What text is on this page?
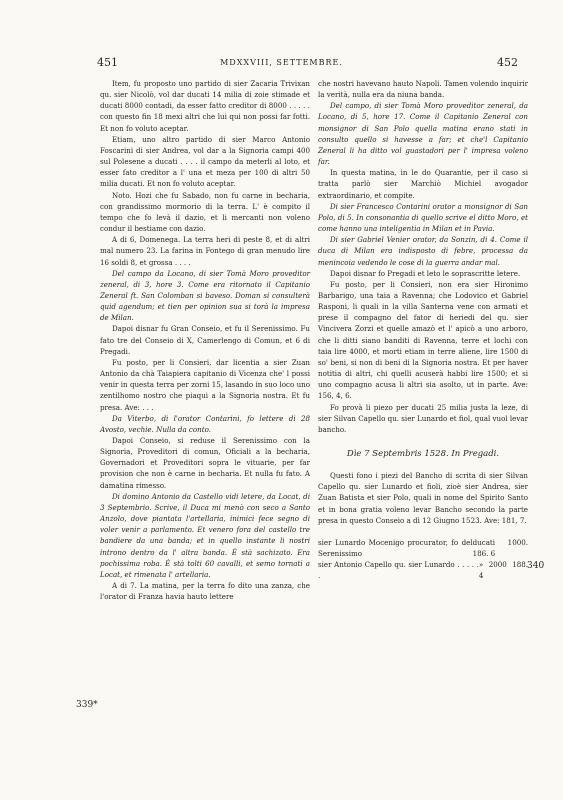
451	MDXXVIII, SETTEMBRE.	452
339*
340

Item, fu proposto uno partido di sier Zacaria Trivixan qu. sier Nicolò, vol dar ducati 14 milia di zoie stimade et ducati 8000 contadi, da esser fatto creditor di 8000 . . . . . con questo fin 18 mexi altri che lui qui non possi far fotti. Et non fo voluto aceptar.

Etiam, uno altro partido di sier Marco Antonio Foscarini di sier Andrea, vol dar a la Signoria campi 400 sul Polesene a ducati . . . . il campo da meterli al loto, et esser fato creditor a l' una et meza per 100 di altri 50 milia ducati. Et non fo voluto aceptar.

Noto. Hozi che fu Sabado, non fu carne in becharia, con grandissimo mormorio di la terra. L' è compito il tempo che fo levà il dazio, et li mercanti non voleno condur il bestiame con dazio.

A di 6, Domenega. La terra heri di peste 8, et di altri mal numero 23. La farina in Fontego di gran menudo lire 16 soldi 8, et grossa . . . .

Del campo da Locano, di sier Tomà Moro proveditor zeneral, di 3, hore 3. Come era ritornato il Capitanio Zeneral ft. San Colomban si baveso. Doman si consulterà quid agendum; et tien per opinion sua si torà la impresa de Milan.

Dapoi disnar fu Gran Conseio, et fu il Serenissimo. Fu fato tre del Conseio di X, Camerlengo di Comun, et 6 di Pregadi.

Fu posto, per li Consieri, dar licentia a sier Zuan Antonio da chà Taiapiera capitanio di Vicenza che' l possi venir in questa terra per zorni 15, lasando in suo loco uno zentilhomo nostro che piaqui a la Signoria nostra. Et fu presa. Ave: . . .

Da Viterbo, di l'orator Contarini, fo lettere di 28 Avosto, vechie. Nulla da conto.

Dapoi Conseio, si reduse il Serenissimo con la Signoria, Proveditori di comun, Oficiali a la becharia, Governadori et Proveditori sopra le vituarie, per far provision che non è carne in becharia. Et nulla fu fato. A damatina rimesso.

Di domino Antonio da Castello vidi letere, da Locat, di 3 Septembrio. Scrive, il Duca mi menò con seco a Santo Anzolo, dove piantata l'artellaria, inimici fece segno di voler venir a parlamento. Et venero fora del castello tre bandiere da una banda; et in quello instante li nostri introno dentro da l' altra banda. È stà sachizato. Era pochissima roba. È stà tolti 60 cavalli, et semo tornati a Locat, et rimenata l' artellaria.

A di 7. La matina, per la terra fo dito una zanza, che l'orator di Franza havia hauto lettere

che nostri havevano hauto Napoli. Tamen volendo inquirir la verità, nulla era da niuna banda.

Del campo, di sier Tomà Moro proveditor zeneral, da Locano, di 5, hore 17. Come il Capitanio Zeneral con monsignor di San Polo quella matina erano stati in consulto quello si havesse a far; et che'l Capitanio Zeneral li ha ditto vol guastadori per l' impresa voleno far.

In questa matina, in le do Quarantie, per il caso si tratta parlò sier Marchiò Michiel avogador extraordinario, et compite.

Di sier Francesco Contarini orator a monsignor di San Polo, di 5. In consonantia di quello scrive el ditto Moro, et come hanno una inteligentia in Milan et in Pavia.

Di sier Gabriel Venier orator, da Sonzin, di 4. Come il duca di Milan era indisposto di febre, processa da menincoia vedendo le cose di la guerra andar mal.

Dapoi disnar fo Pregadi et leto le soprascritte letere.

Fu posto, per li Consieri, non era sier Hironimo Barbarigo, una taia a Ravenna; che Lodovico et Gabriel Rasponi, li quali in la villa Santerna vene con armati et prese il compagno del fator di heriedi del qu. sier Vincivera Zorzi et quelle amazò et l' apicò a uno arboro, che li ditti siano banditi di Ravenna, terre et lochi con taia lire 4000, et morti etiam in terre aliene, lire 1500 di so' beni, si non di beni di la Signoria nostra. Et per haver notitia di altri, chi quelli acuserà habbi lire 1500; et si uno compagno acusa li altri sia asolto, ut in parte. Ave: 156, 4, 6.

Fo provà li piezo per ducati 25 milia justa la leze, di sier Silvan Capello qu. sier Lunardo et fiol, qual vuol levar bancho.

Dìe 7 Septembris 1528. In Pregadi.

Questi fono i piezi del Bancho di scrita di sier Silvan Capello qu. sier Lunardo et fioli, zioè sier Andrea, sier Zuan Batista et sier Polo, quali in nome del Spirito Santo et in bona gratia voleno levar Bancho secondo la parte presa in questo Conseio a dì 12 Giugno 1523. Ave: 181, 7.

sier Lunardo Mocenigo procurator, fo del Serenissimo
ducati 1000. 186. 6
sier Antonio Capello qu. sier Lunardo . . . . . .
» 2000 188. 4
